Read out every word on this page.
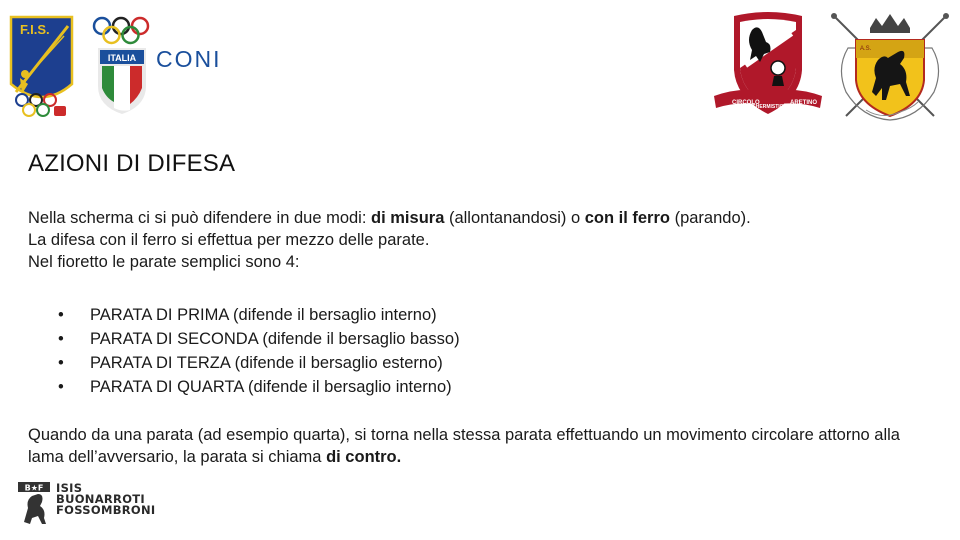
F.I.S.
ITALIA CONI
CIRCOLO
SCHERMISTICO
ARETINO
A.S.
AZIONI DI DIFESA
Nella scherma ci si può difendere in due modi: di misura (allontanandosi) o con il ferro (parando).
La difesa con il ferro si effettua per mezzo delle parate.
Nel fioretto le parate semplici sono 4:
• PARATA DI PRIMA (difende il bersaglio interno)
• PARATA DI SECONDA (difende il bersaglio basso)
• PARATA DI TERZA (difende il bersaglio esterno)
• PARATA DI QUARTA (difende il bersaglio interno)
Quando da una parata (ad esempio quarta), si torna nella stessa parata effettuando un movimento circolare attorno alla lama dell’avversario, la parata si chiama di contro.
B★F ISIS
BUONARROTI
FOSSOMBRONI
